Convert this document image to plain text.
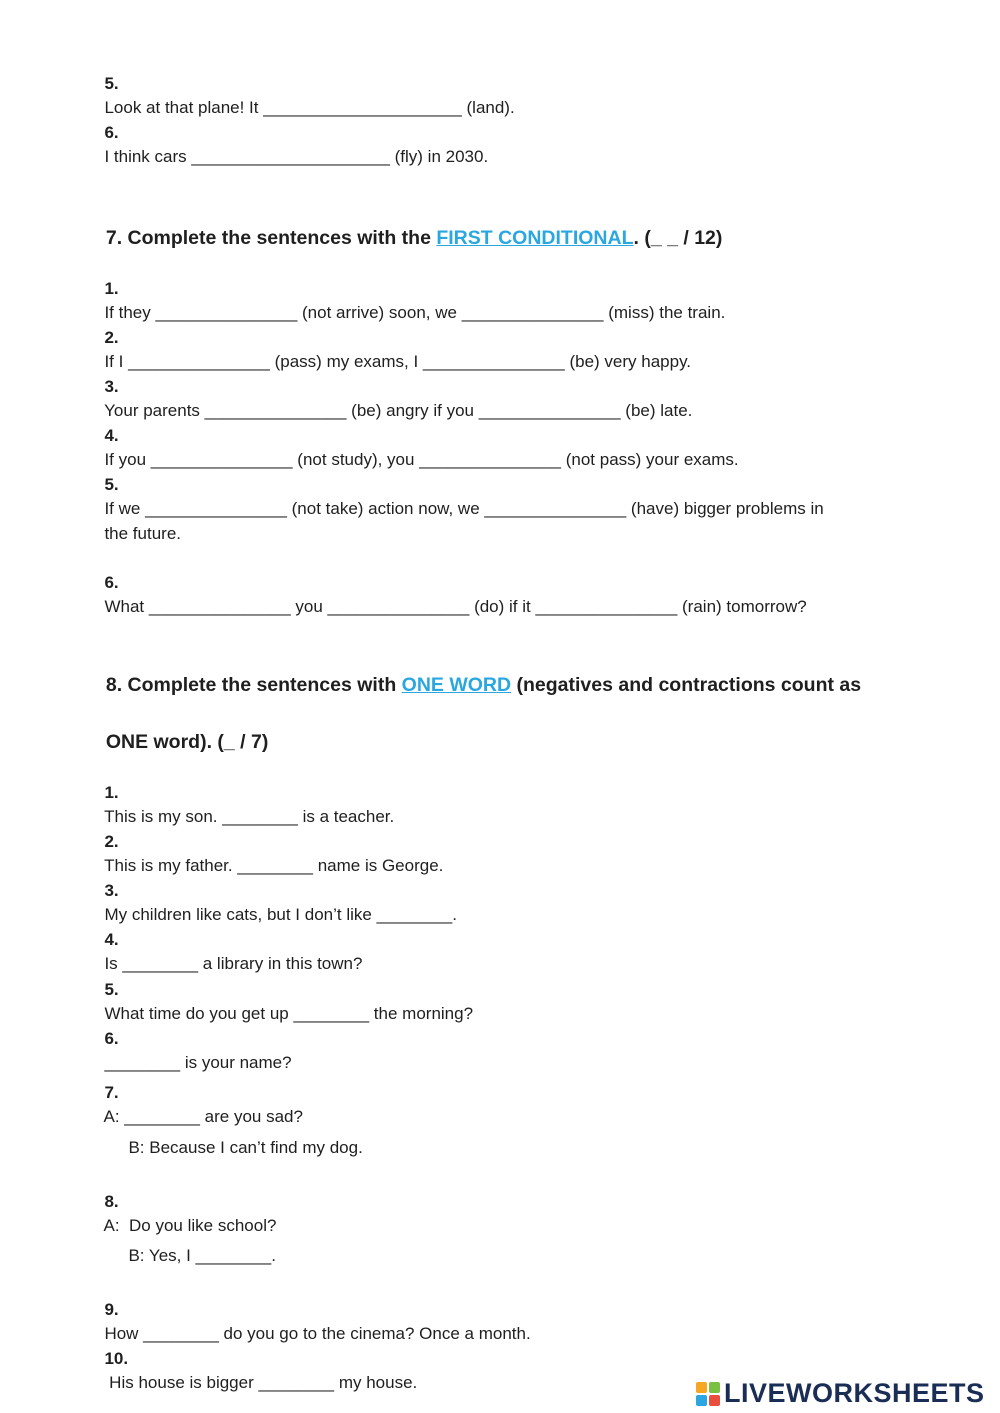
5.
Look at that plane! It _____________________ (land).

6.
I think cars _____________________ (fly) in 2030.

7. Complete the sentences with the FIRST CONDITIONAL. (_ _ / 12)

1.
If they _______________ (not arrive) soon, we _______________ (miss) the train.

2.
If I _______________ (pass) my exams, I _______________ (be) very happy.

3.
Your parents _______________ (be) angry if you _______________ (be) late.

4.
If you _______________ (not study), you _______________ (not pass) your exams.

5.
If we _______________ (not take) action now, we _______________ (have) bigger problems in

the future.

6.
What _______________ you _______________ (do) if it _______________ (rain) tomorrow?

8. Complete the sentences with ONE WORD (negatives and contractions count as

ONE word). (_ / 7)

1.
This is my son. ________ is a teacher.

2.
This is my father. ________ name is George.

3.
My children like cats, but I don’t like ________.

4.
Is ________ a library in this town?

5.
What time do you get up ________ the morning?

6.
________ is your name?

7.
A: ________ are you sad?

B: Because I can’t find my dog.

8.
A:  Do you like school?

B: Yes, I ________.

9.
How ________ do you go to the cinema? Once a month.

10.
His house is bigger ________ my house.	LIVEWORKSHEETS
